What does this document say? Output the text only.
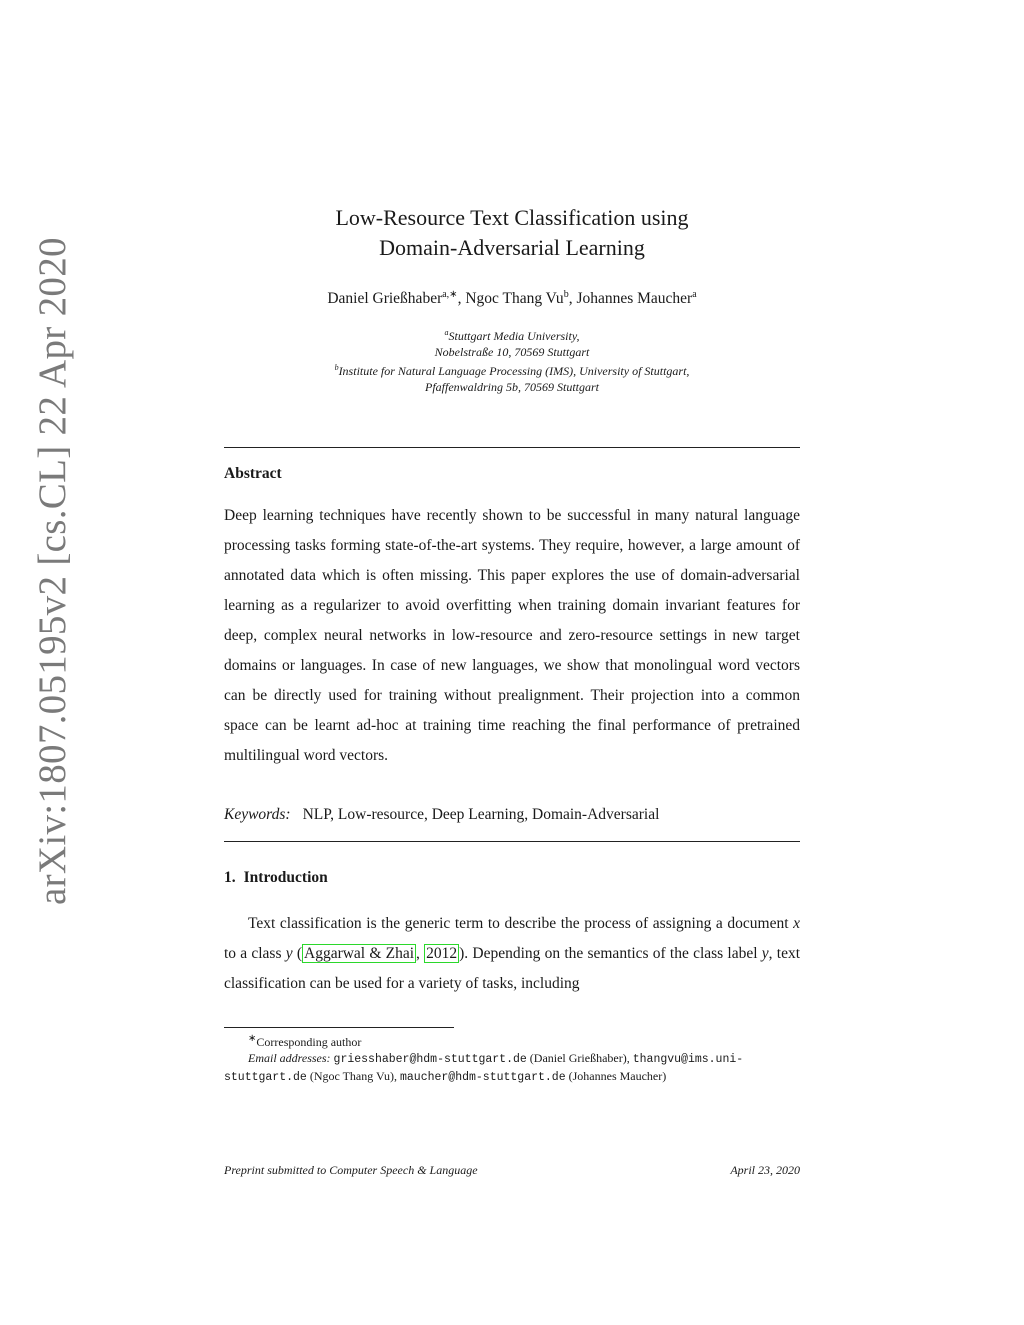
arXiv:1807.05195v2 [cs.CL] 22 Apr 2020
Low-Resource Text Classification using
Domain-Adversarial Learning
Daniel Grießhaber$^{a,∗}$, Ngoc Thang Vu$^b$, Johannes Maucher$^a$
$^a$Stuttgart Media University,
Nobelstraße 10, 70569 Stuttgart
$^b$Institute for Natural Language Processing (IMS), University of Stuttgart,
Pfaffenwaldring 5b, 70569 Stuttgart
Abstract
Deep learning techniques have recently shown to be successful in many natural language processing tasks forming state-of-the-art systems. They require, however, a large amount of annotated data which is often missing. This paper explores the use of domain-adversarial learning as a regularizer to avoid overfitting when training domain invariant features for deep, complex neural networks in low-resource and zero-resource settings in new target domains or languages. In case of new languages, we show that monolingual word vectors can be directly used for training without prealignment. Their projection into a common space can be learnt ad-hoc at training time reaching the final performance of pretrained multilingual word vectors.
Keywords: NLP, Low-resource, Deep Learning, Domain-Adversarial
1. Introduction
Text classification is the generic term to describe the process of assigning a document x to a class y ( Aggarwal & Zhai , 2012 ). Depending on the semantics of the class label y, text classification can be used for a variety of tasks, including
∗Corresponding author
Email addresses: griesshaber@hdm-stuttgart.de (Daniel Grießhaber), thangvu@ims.uni-stuttgart.de (Ngoc Thang Vu), maucher@hdm-stuttgart.de (Johannes Maucher)
Preprint submitted to Computer Speech & Language	April 23, 2020
